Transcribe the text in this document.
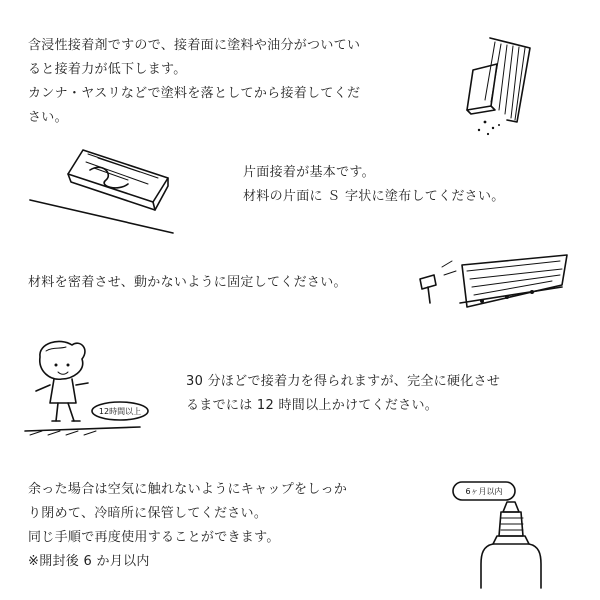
含浸性接着剤ですので、接着面に塗料や油分がついてい

ると接着力が低下します。

カンナ・ヤスリなどで塗料を落としてから接着してくだ

さい。

片面接着が基本です。

材料の片面に Ｓ 字状に塗布してください。

材料を密着させ、動かないように固定してください。

12時間以上

30 分ほどで接着力を得られますが、完全に硬化させ

るまでには 12 時間以上かけてください。

余った場合は空気に触れないようにキャップをしっか

り閉めて、冷暗所に保管してください。

同じ手順で再度使用することができます。

※開封後 6 か月以内

6ヶ月以内
